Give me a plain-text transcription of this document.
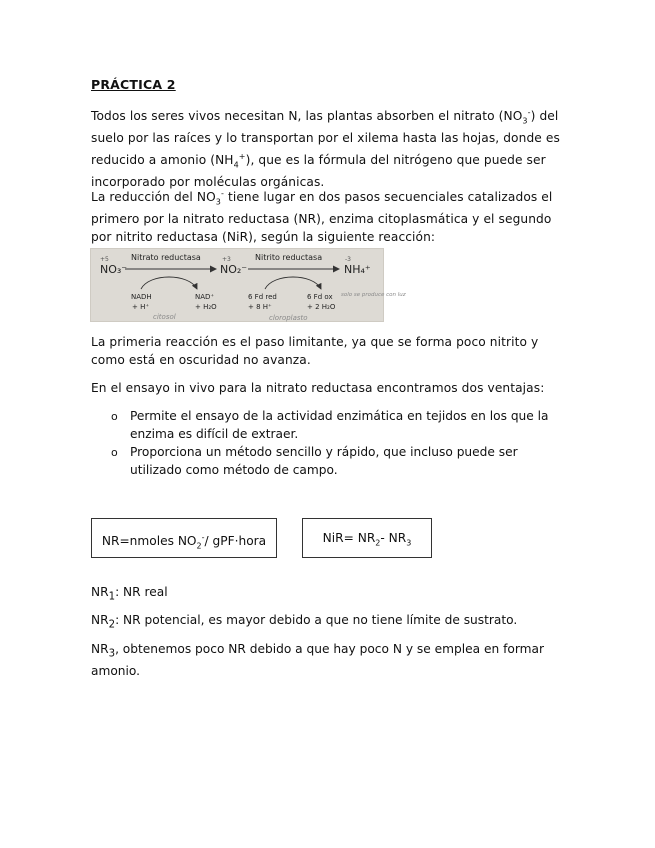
PRÁCTICA 2

Todos los seres vivos necesitan N, las plantas absorben el nitrato $(NO_3^-)$ del suelo por las raíces y lo transportan por el xilema hasta las hojas, donde es reducido a amonio $(NH_4^+)$, que es la fórmula del nitrógeno que puede ser incorporado por moléculas orgánicas.

La reducción del $NO_3^-$ tiene lugar en dos pasos secuenciales catalizados el primero por la nitrato reductasa (NR), enzima citoplasmática y el segundo por nitrito reductasa (NiR), según la siguiente reacción:

+5	+3	-3
NO₃⁻	NO₂⁻	NH₄⁺
Nitrato reductasa	Nitrito reductasa
NADH
+ H⁺
NAD⁺
+ H₂O
6 Fd red
+ 8 H⁺
6 Fd ox
+ 2 H₂O
citosol	cloroplasto
solo se produce con luz

La primeria reacción es el paso limitante, ya que se forma poco nitrito y como está en oscuridad no avanza.

En el ensayo in vivo para la nitrato reductasa encontramos dos ventajas:

o Permite el ensayo de la actividad enzimática en tejidos en los que la enzima es difícil de extraer.
o Proporciona un método sencillo y rápido, que incluso puede ser utilizado como método de campo.
NR=nmoles $NO_2^-/$ gPF·hora	$NiR= NR_2-$ $NR_3$

$NR_1$: NR real

$NR_2$: NR potencial, es mayor debido a que no tiene límite de sustrato.

$NR_3$, obtenemos poco NR debido a que hay poco N y se emplea en formar amonio.
